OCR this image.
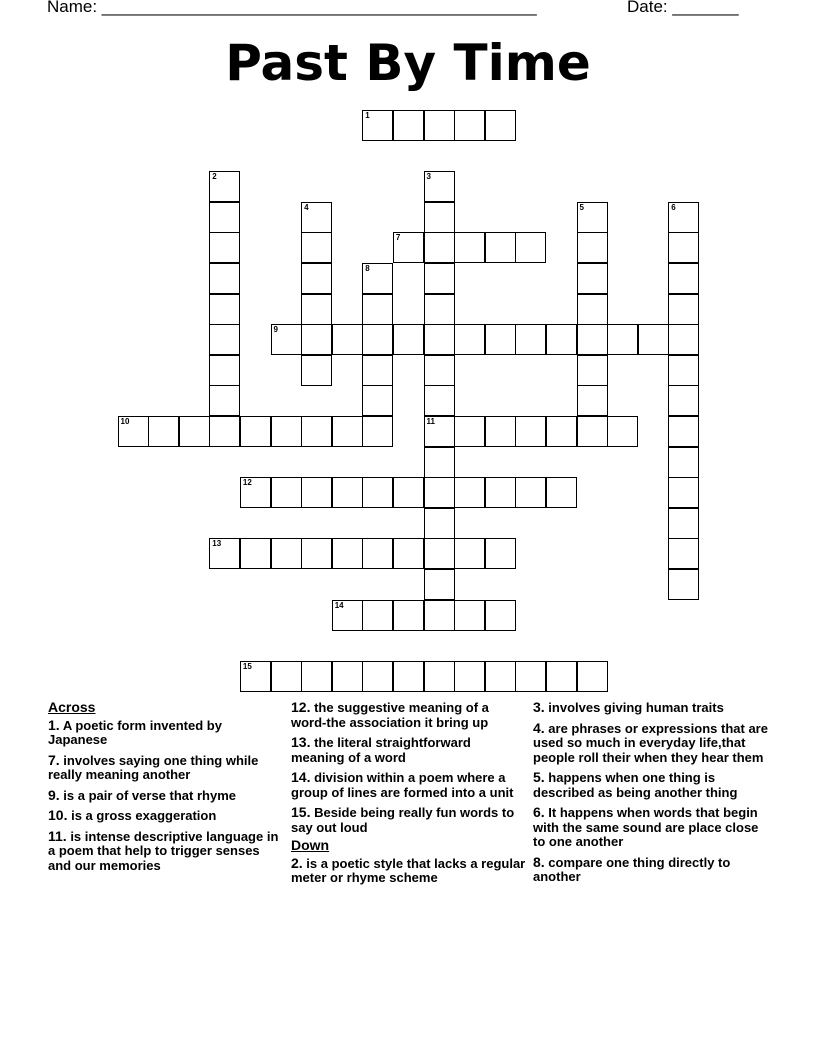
Name: ______________________________________________	Date: _______
Past By Time
1
2	3
11
4	5	6
7
8
9
10
12
13
14
15
Across
1. A poetic form invented by Japanese
7. involves saying one thing while really meaning another
9. is a pair of verse that rhyme
10. is a gross exaggeration
11. is intense descriptive language in a poem that help to trigger senses and our memories
12. the suggestive meaning of a word-the association it bring up
13. the literal straightforward meaning of a word
14. division within a poem where a group of lines are formed into a unit
15. Beside being really fun words to say out loud
Down
2. is a poetic style that lacks a regular meter or rhyme scheme
3. involves giving human traits
4. are phrases or expressions that are used so much in everyday life,that people roll their when they hear them
5. happens when one thing is described as being another thing
6. It happens when words that begin with the same sound are place close to one another
8. compare one thing directly to another
